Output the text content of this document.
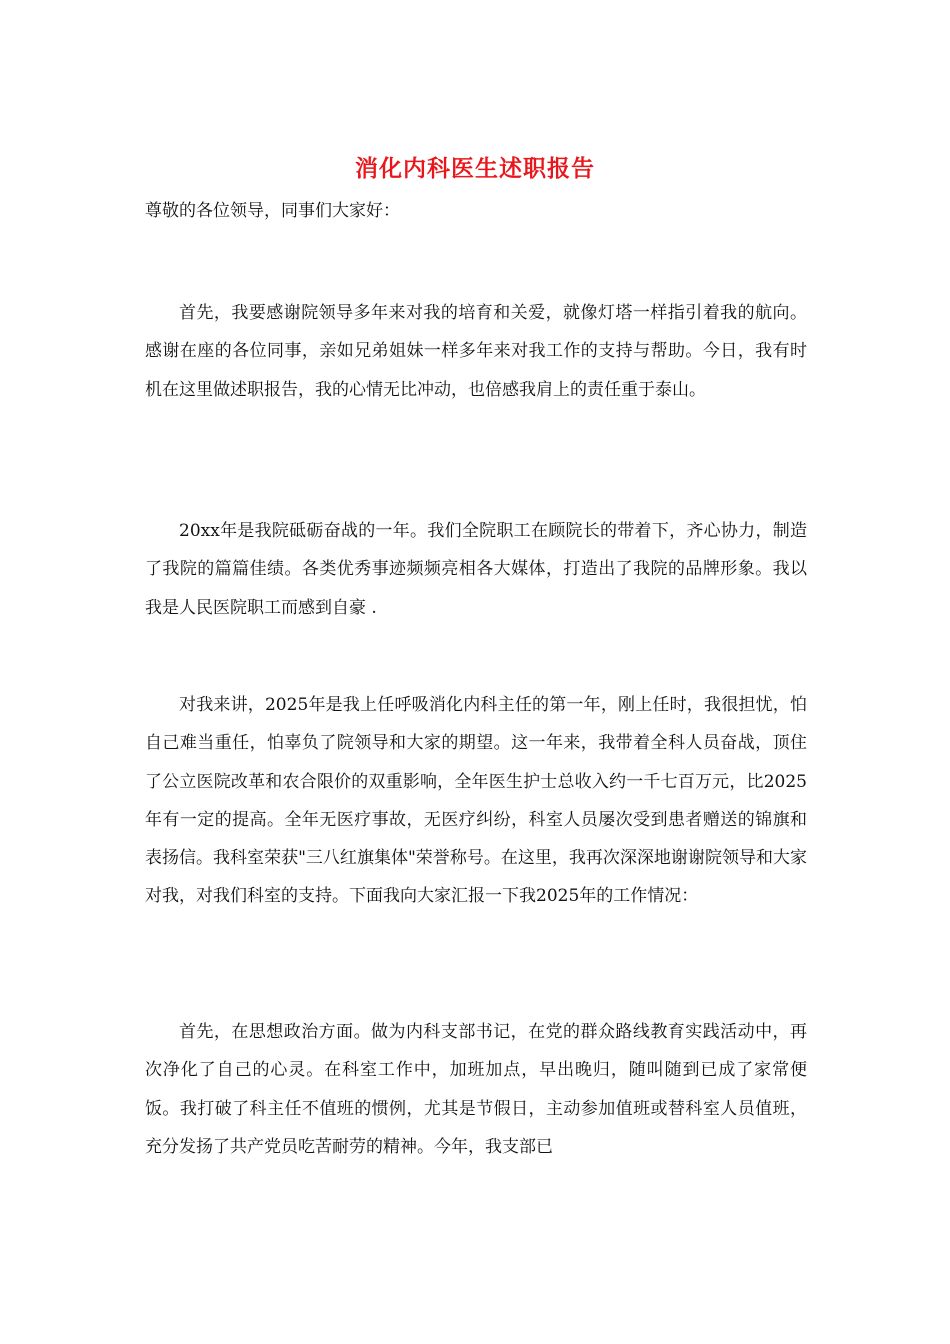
消化内科医生述职报告
尊敬的各位领导，同事们大家好：

首先，我要感谢院领导多年来对我的培育和关爱，就像灯塔一样指引着我的航向。感谢在座的各位同事，亲如兄弟姐妹一样多年来对我工作的支持与帮助。今日，我有时机在这里做述职报告，我的心情无比冲动，也倍感我肩上的责任重于泰山。

20xx年是我院砥砺奋战的一年。我们全院职工在顾院长的带着下，齐心协力，制造了我院的篇篇佳绩。各类优秀事迹频频亮相各大媒体，打造出了我院的品牌形象。我以我是人民医院职工而感到自豪 .

对我来讲，2025年是我上任呼吸消化内科主任的第一年，刚上任时，我很担忧，怕自己难当重任，怕辜负了院领导和大家的期望。这一年来，我带着全科人员奋战，顶住了公立医院改革和农合限价的双重影响，全年医生护士总收入约一千七百万元，比2025年有一定的提高。全年无医疗事故，无医疗纠纷，科室人员屡次受到患者赠送的锦旗和表扬信。我科室荣获"三八红旗集体"荣誉称号。在这里，我再次深深地谢谢院领导和大家对我，对我们科室的支持。下面我向大家汇报一下我2025年的工作情况：

首先，在思想政治方面。做为内科支部书记，在党的群众路线教育实践活动中，再次净化了自己的心灵。在科室工作中，加班加点，早出晚归，随叫随到已成了家常便饭。我打破了科主任不值班的惯例，尤其是节假日，主动参加值班或替科室人员值班，充分发扬了共产党员吃苦耐劳的精神。今年，我支部已
